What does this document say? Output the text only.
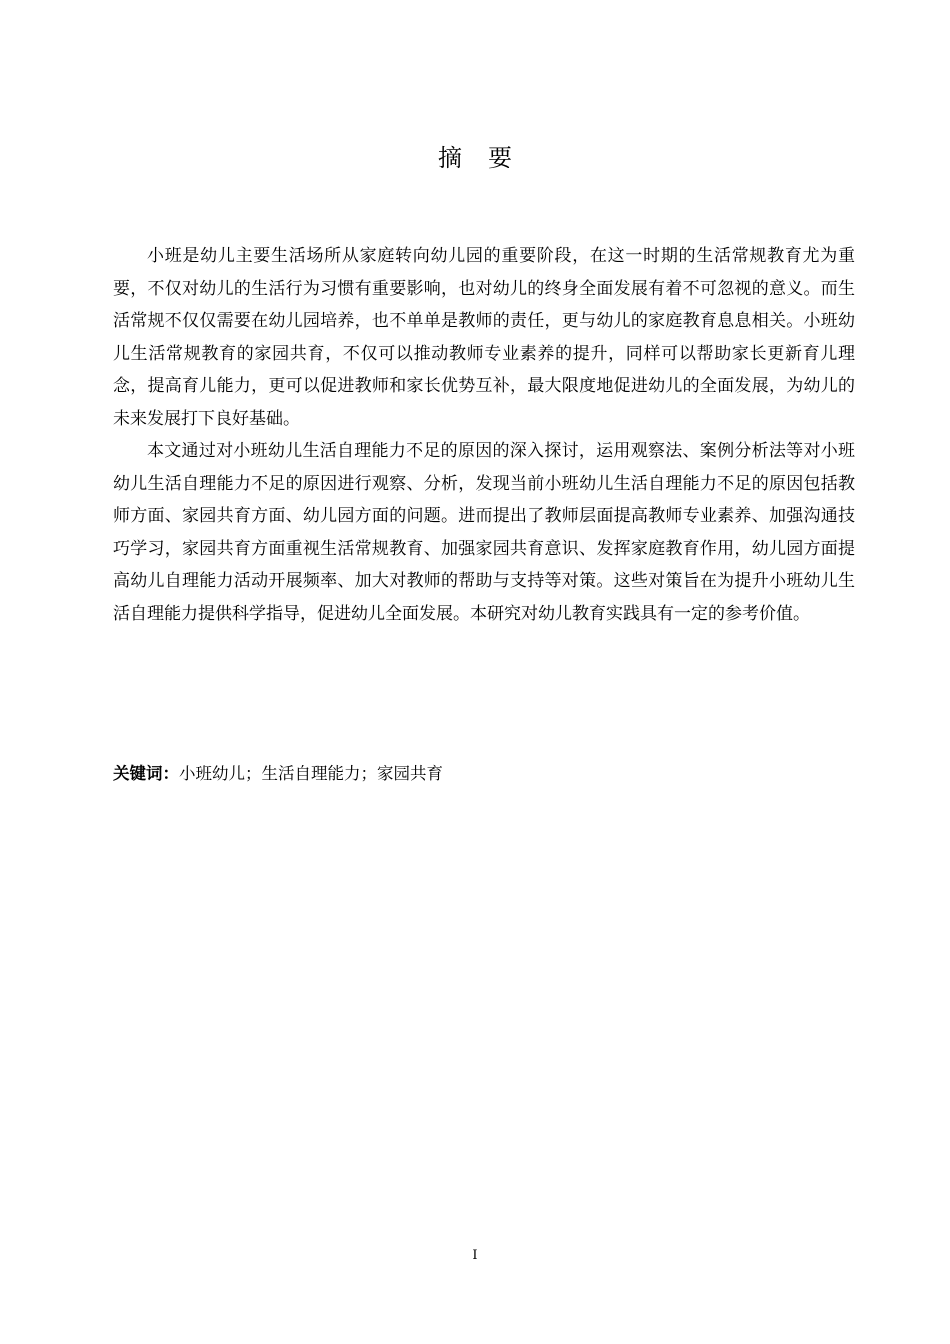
摘 要

小班是幼儿主要生活场所从家庭转向幼儿园的重要阶段，在这一时期的生活常规教育尤为重要，不仅对幼儿的生活行为习惯有重要影响，也对幼儿的终身全面发展有着不可忽视的意义。而生活常规不仅仅需要在幼儿园培养，也不单单是教师的责任，更与幼儿的家庭教育息息相关。小班幼儿生活常规教育的家园共育，不仅可以推动教师专业素养的提升，同样可以帮助家长更新育儿理念，提高育儿能力，更可以促进教师和家长优势互补，最大限度地促进幼儿的全面发展，为幼儿的未来发展打下良好基础。

本文通过对小班幼儿生活自理能力不足的原因的深入探讨，运用观察法、案例分析法等对小班幼儿生活自理能力不足的原因进行观察、分析，发现当前小班幼儿生活自理能力不足的原因包括教师方面、家园共育方面、幼儿园方面的问题。进而提出了教师层面提高教师专业素养、加强沟通技巧学习，家园共育方面重视生活常规教育、加强家园共育意识、发挥家庭教育作用，幼儿园方面提高幼儿自理能力活动开展频率、加大对教师的帮助与支持等对策。这些对策旨在为提升小班幼儿生活自理能力提供科学指导，促进幼儿全面发展。本研究对幼儿教育实践具有一定的参考价值。

关键词：小班幼儿；生活自理能力；家园共育
I
